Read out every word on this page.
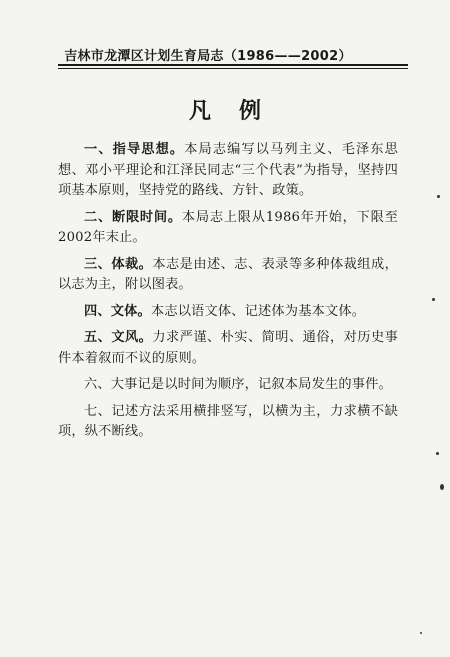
吉林市龙潭区计划生育局志（1986——2002）
凡例

一、指导思想。本局志编写以马列主义、毛泽东思想、邓小平理论和江泽民同志“三个代表”为指导，坚持四项基本原则，坚持党的路线、方针、政策。

二、断限时间。本局志上限从1986年开始，下限至2002年末止。

三、体裁。本志是由述、志、表录等多种体裁组成，以志为主，附以图表。

四、文体。本志以语文体、记述体为基本文体。

五、文风。力求严谨、朴实、简明、通俗，对历史事件本着叙而不议的原则。

六、大事记是以时间为顺序，记叙本局发生的事件。

七、记述方法采用横排竖写，以横为主，力求横不缺项，纵不断线。
